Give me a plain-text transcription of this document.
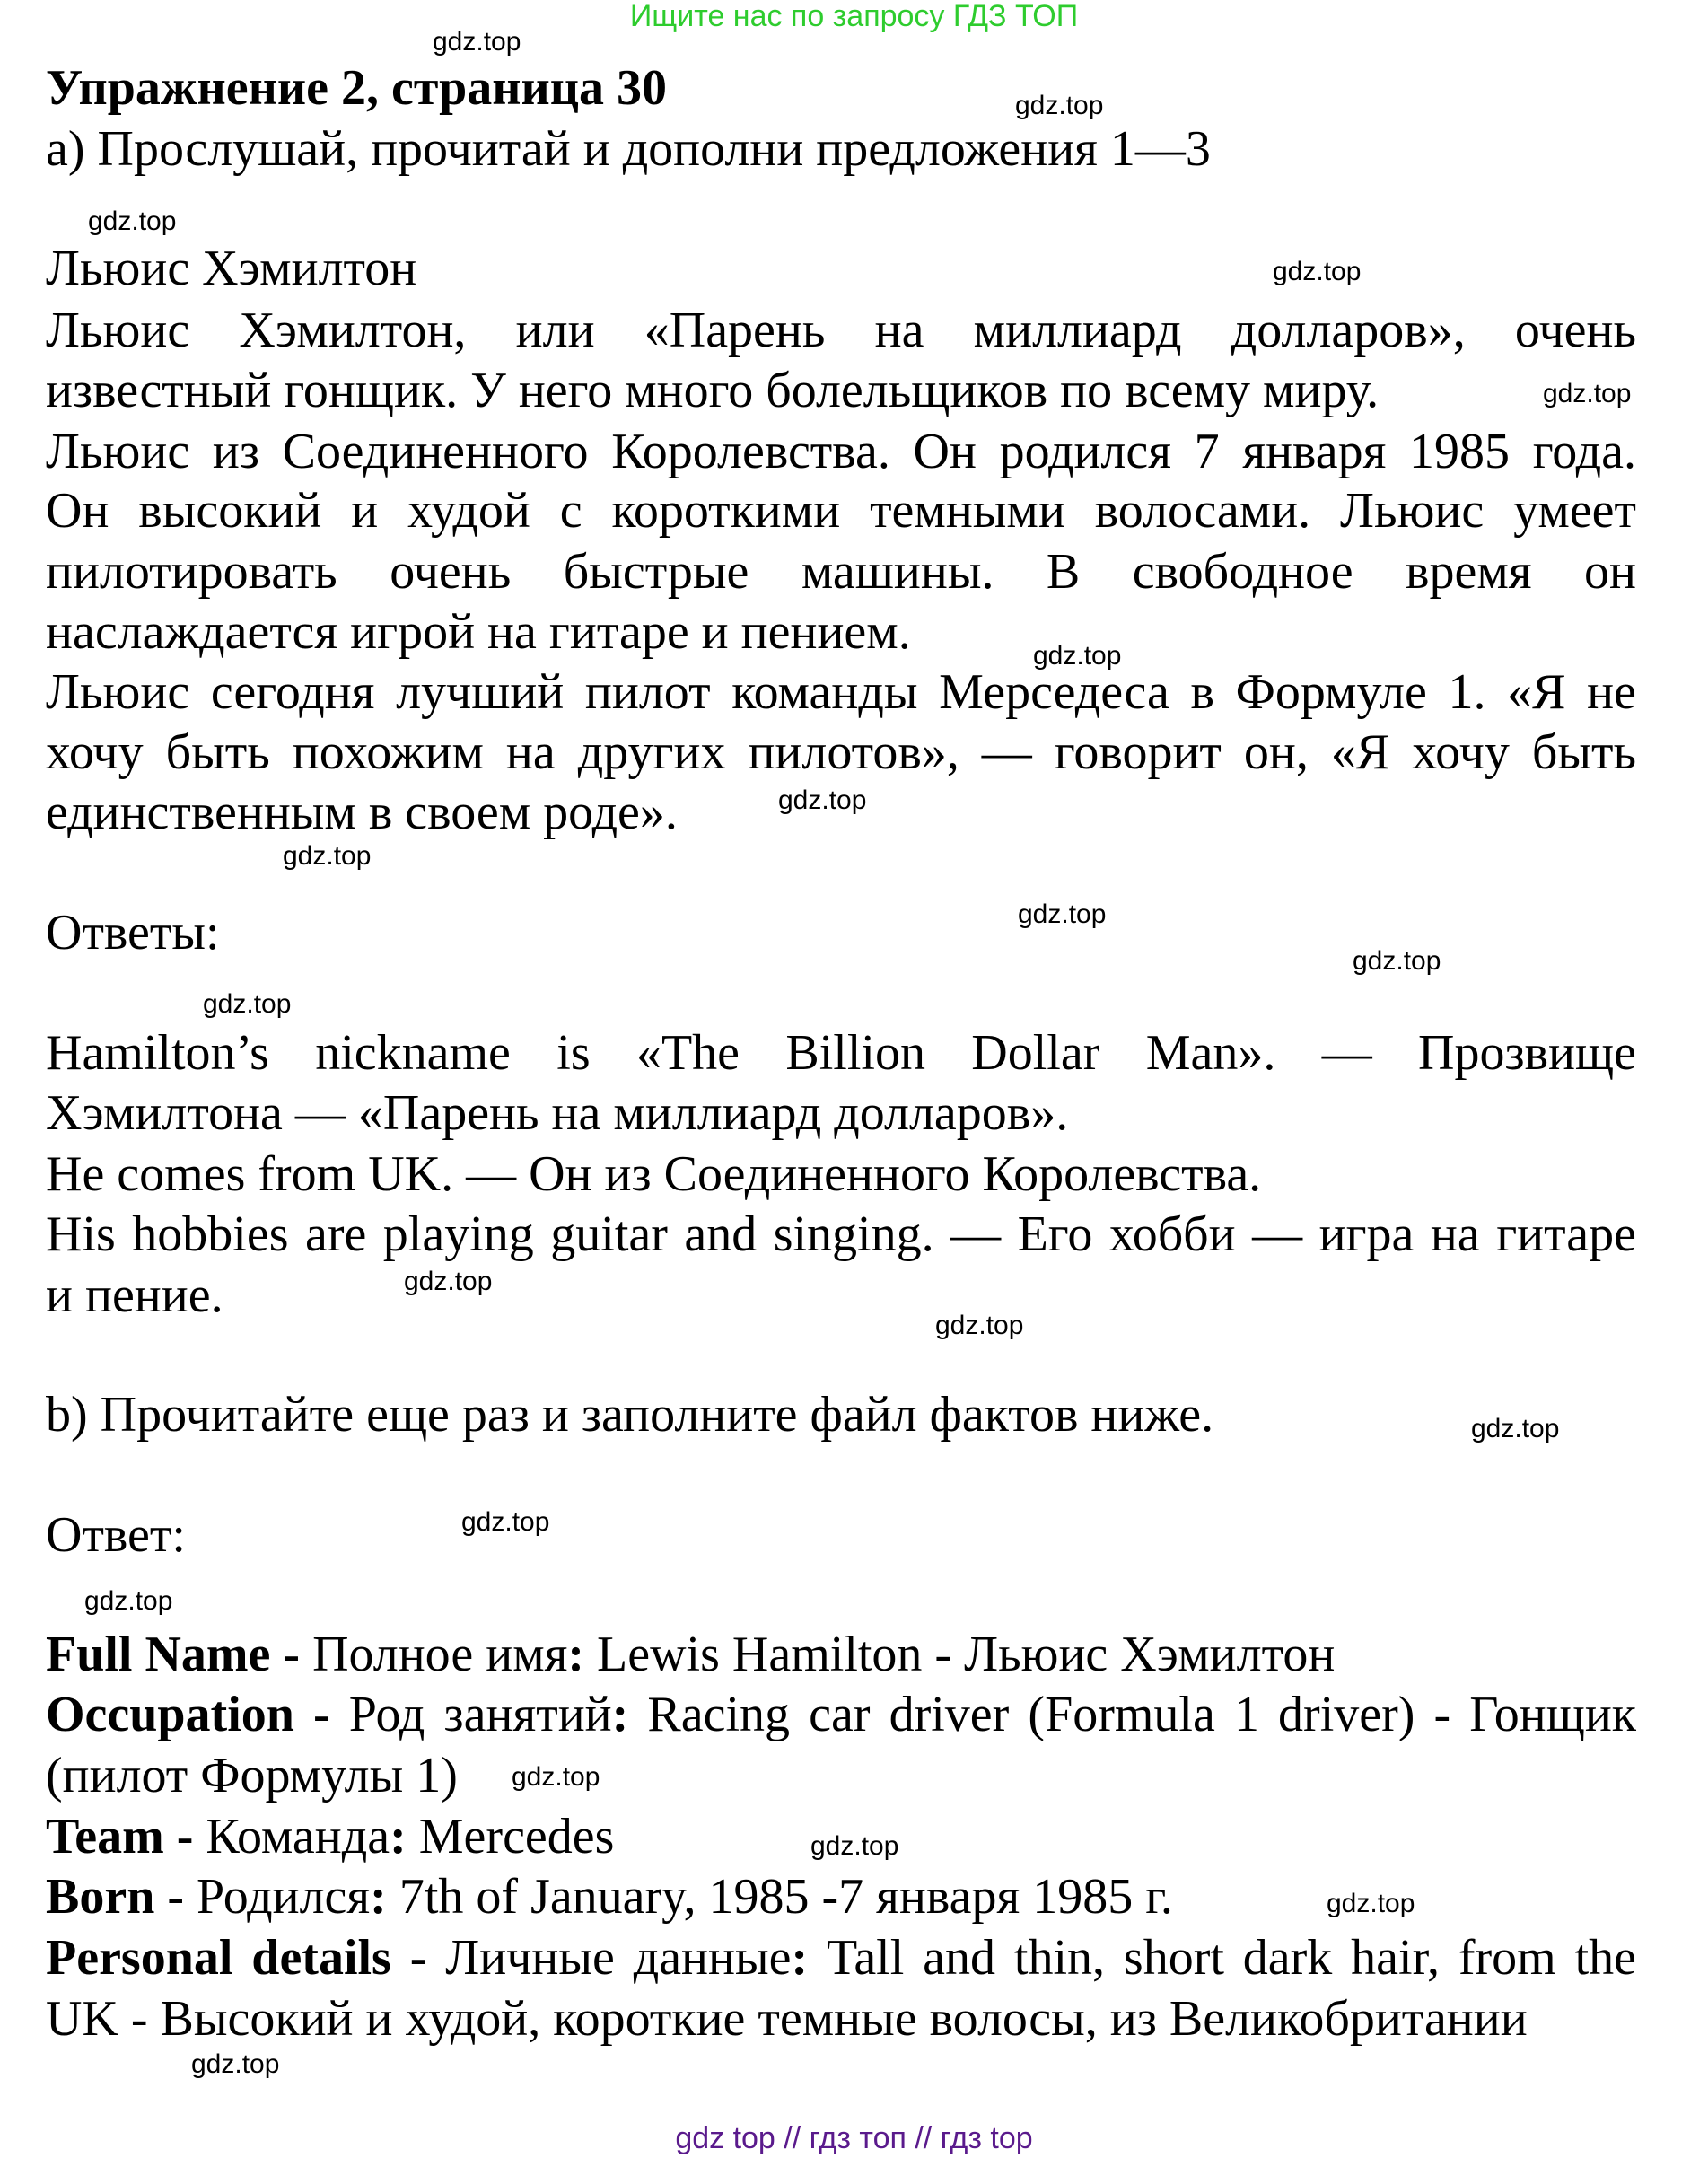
Ищите нас по запросу ГДЗ ТОП
Упражнение 2, страница 30
a) Прослушай, прочитай и дополни предложения 1—3
Льюис Хэмилтон
Льюис Хэмилтон, или «Парень на миллиард долларов», очень
известный гонщик. У него много болельщиков по всему миру.
Льюис из Соединенного Королевства. Он родился 7 января 1985 года.
Он высокий и худой с короткими темными волосами. Льюис умеет
пилотировать очень быстрые машины. В свободное время он
наслаждается игрой на гитаре и пением.
Льюис сегодня лучший пилот команды Мерседеса в Формуле 1. «Я не
хочу быть похожим на других пилотов», — говорит он, «Я хочу быть
единственным в своем роде».
Ответы:
Hamilton’s nickname is «The Billion Dollar Man». — Прозвище
Хэмилтона — «Парень на миллиард долларов».
He comes from UK. — Он из Соединенного Королевства.
His hobbies are playing guitar and singing. — Его хобби — игра на гитаре
и пение.
b) Прочитайте еще раз и заполните файл фактов ниже.
Ответ:
Full Name - Полное имя: Lewis Hamilton - Льюис Хэмилтон
Occupation - Род занятий: Racing car driver (Formula 1 driver) - Гонщик
(пилот Формулы 1)
Team - Команда: Mercedes
Born - Родился: 7th of January, 1985 -7 января 1985 г.
Personal details - Личные данные: Tall and thin, short dark hair, from the
UK - Высокий и худой, короткие темные волосы, из Великобритании
gdz.top
gdz.top
gdz.top
gdz.top
gdz.top
gdz.top
gdz.top
gdz.top
gdz.top
gdz.top
gdz.top
gdz.top
gdz.top
gdz.top
gdz.top
gdz.top
gdz.top
gdz.top
gdz.top
gdz.top
gdz top // гдз топ // гдз top
